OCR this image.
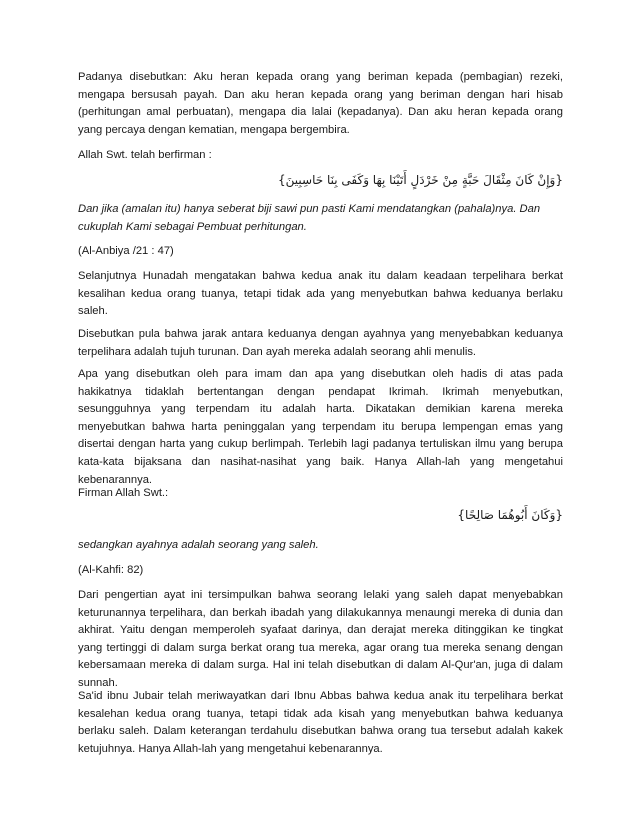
Padanya disebutkan: Aku heran kepada orang yang beriman kepada (pembagian) rezeki, mengapa bersusah payah. Dan aku heran kepada orang yang beriman dengan hari hisab (perhitungan amal perbuatan), mengapa dia lalai (kepadanya). Dan aku heran kepada orang yang percaya dengan kematian, mengapa bergembira.

Allah Swt. telah berfirman :

{وَإِنْ كَانَ مِثْقَالَ حَبَّةٍ مِنْ خَرْدَلٍ أَتَيْنَا بِهَا وَكَفَى بِنَا حَاسِبِينَ}

Dan jika (amalan itu) hanya seberat biji sawi pun pasti Kami mendatangkan (pahala)nya. Dan cukuplah Kami sebagai Pembuat perhitungan.

(Al-Anbiya /21 : 47)

Selanjutnya Hunadah mengatakan bahwa kedua anak itu dalam keadaan terpelihara berkat kesalihan kedua orang tuanya, tetapi tidak ada yang menyebutkan bahwa keduanya berlaku saleh.

Disebutkan pula bahwa jarak antara keduanya dengan ayahnya yang menyebabkan keduanya terpelihara adalah tujuh turunan. Dan ayah mereka adalah seorang ahli menulis.

Apa yang disebutkan oleh para imam dan apa yang disebutkan oleh hadis di atas pada hakikatnya tidaklah bertentangan dengan pendapat Ikrimah. Ikrimah menyebutkan, sesungguhnya yang terpendam itu adalah harta. Dikatakan demikian karena mereka menyebutkan bahwa harta peninggalan yang terpendam itu berupa lempengan emas yang disertai dengan harta yang cukup berlimpah. Terlebih lagi padanya tertuliskan ilmu yang berupa kata-kata bijaksana dan nasihat-nasihat yang baik. Hanya Allah-lah yang mengetahui kebenarannya.

Firman Allah Swt.:

{وَكَانَ أَبُوهُمَا صَالِحًا}

sedangkan ayahnya adalah seorang yang saleh.

(Al-Kahfi: 82)

Dari pengertian ayat ini tersimpulkan bahwa seorang lelaki yang saleh dapat menyebabkan keturunannya terpelihara, dan berkah ibadah yang dilakukannya menaungi mereka di dunia dan akhirat. Yaitu dengan memperoleh syafaat darinya, dan derajat mereka ditinggikan ke tingkat yang tertinggi di dalam surga berkat orang tua mereka, agar orang tua mereka senang dengan kebersamaan mereka di dalam surga. Hal ini telah disebutkan di dalam Al-Qur'an, juga di dalam sunnah.

Sa'id ibnu Jubair telah meriwayatkan dari Ibnu Abbas bahwa kedua anak itu terpelihara berkat kesalehan kedua orang tuanya, tetapi tidak ada kisah yang menyebutkan bahwa keduanya berlaku saleh. Dalam keterangan terdahulu disebutkan bahwa orang tua tersebut adalah kakek ketujuhnya. Hanya Allah-lah yang mengetahui kebenarannya.
